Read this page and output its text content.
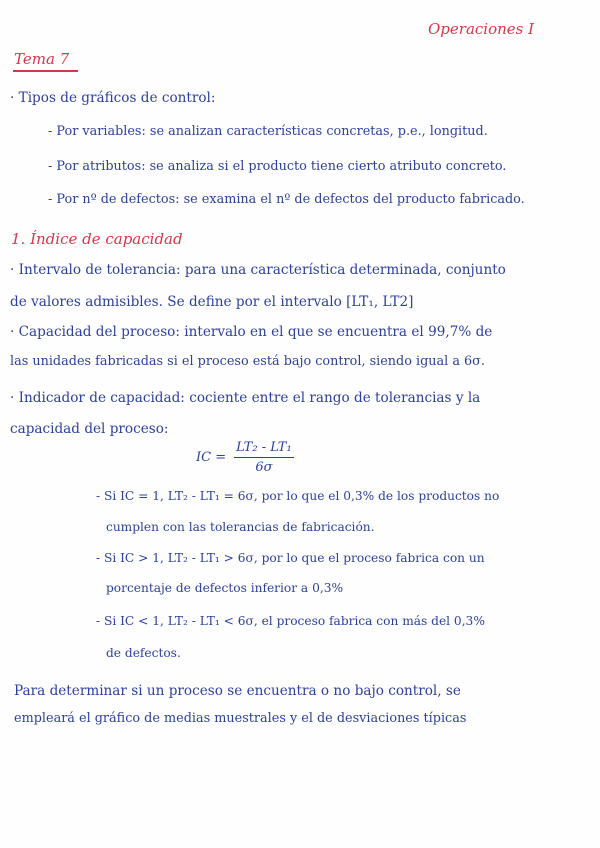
Operaciones I
Tema 7
· Tipos de gráficos de control:
- Por variables: se analizan características concretas, p.e., longitud.
- Por atributos: se analiza si el producto tiene cierto atributo concreto.
- Por nº de defectos: se examina el nº de defectos del producto fabricado.
1. Índice de capacidad
· Intervalo de tolerancia: para una característica determinada, conjunto
de valores admisibles. Se define por el intervalo [LT₁, LT2]
· Capacidad del proceso: intervalo en el que se encuentra el 99,7% de
las unidades fabricadas si el proceso está bajo control, siendo igual a 6σ.
· Indicador de capacidad: cociente entre el rango de tolerancias y la
capacidad del proceso:
IC = $\frac{\text{LT₂ - LT₁}}{6\sigma}$
- Si IC = 1, LT₂ - LT₁ = 6σ, por lo que el 0,3% de los productos no
cumplen con las tolerancias de fabricación.
- Si IC > 1, LT₂ - LT₁ > 6σ, por lo que el proceso fabrica con un
porcentaje de defectos inferior a 0,3%
- Si IC < 1, LT₂ - LT₁ < 6σ, el proceso fabrica con más del 0,3%
de defectos.
Para determinar si un proceso se encuentra o no bajo control, se
empleará el gráfico de medias muestrales y el de desviaciones típicas
